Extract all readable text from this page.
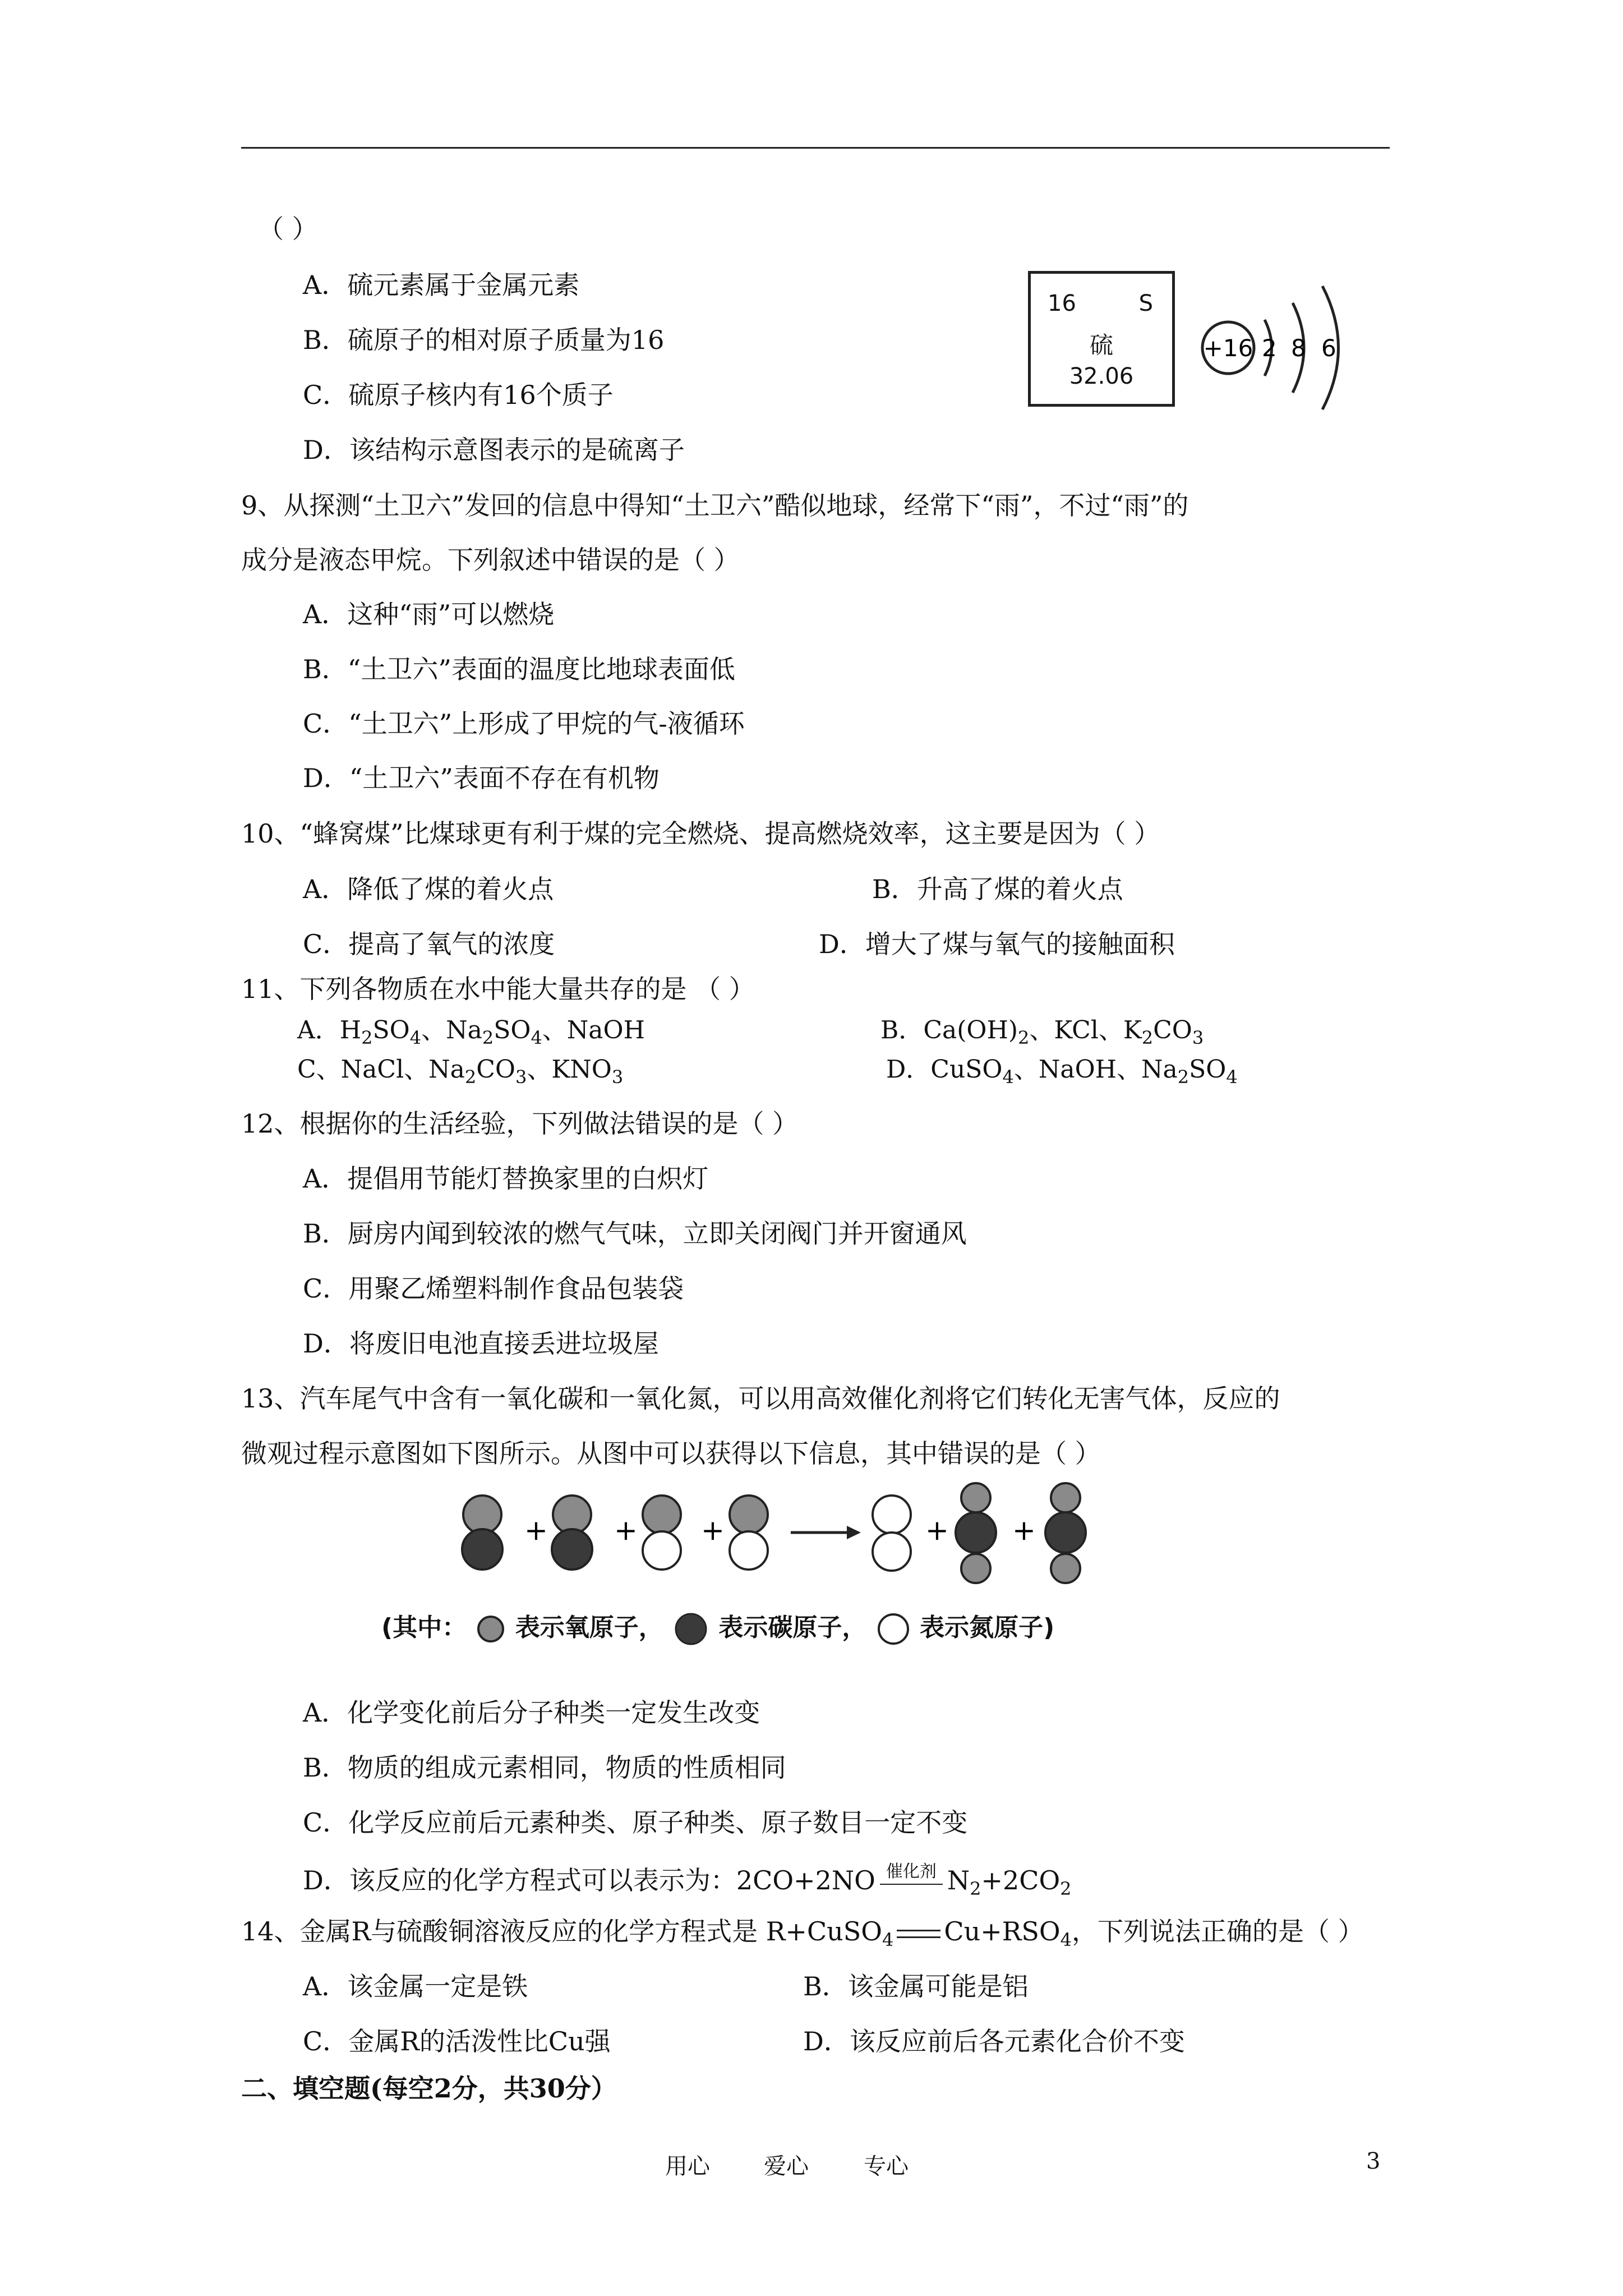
（ ）
A．硫元素属于金属元素
B．硫原子的相对原子质量为16
C．硫原子核内有16个质子
D．该结构示意图表示的是硫离子
16	S
硫
32.06
+16 2 8 6
9、从探测“土卫六”发回的信息中得知“土卫六”酷似地球，经常下“雨”，不过“雨”的
成分是液态甲烷。下列叙述中错误的是（ ）
A．这种“雨”可以燃烧
B．“土卫六”表面的温度比地球表面低
C．“土卫六”上形成了甲烷的气-液循环
D．“土卫六”表面不存在有机物
10、“蜂窝煤”比煤球更有利于煤的完全燃烧、提高燃烧效率，这主要是因为（ ）
A．降低了煤的着火点	B．升高了煤的着火点
C．提高了氧气的浓度	D．增大了煤与氧气的接触面积
11、下列各物质在水中能大量共存的是 （ ）
A．$H_2SO_4$、$Na_2SO_4$、NaOH	B．$Ca(OH)_2$、KCl、$K_2CO_3$
C、NaCl、$Na_2CO_3$、$KNO_3$	D．CuSO$_4$、NaOH、$Na_2SO_4$
12、根据你的生活经验，下列做法错误的是（ ）
A．提倡用节能灯替换家里的白炽灯
B．厨房内闻到较浓的燃气气味，立即关闭阀门并开窗通风
C．用聚乙烯塑料制作食品包装袋
D．将废旧电池直接丢进垃圾屋
13、汽车尾气中含有一氧化碳和一氧化氮，可以用高效催化剂将它们转化无害气体，反应的
微观过程示意图如下图所示。从图中可以获得以下信息，其中错误的是（ ）
+ + +	+ +
(其中： 表示氧原子， 表示碳原子， 表示氮原子)
A．化学变化前后分子种类一定发生改变
B．物质的组成元素相同，物质的性质相同
C．化学反应前后元素种类、原子种类、原子数目一定不变
D．该反应的化学方程式可以表示为：2CO+2NO 催化剂 $N_2+2CO_2$
14、金属R与硫酸铜溶液反应的化学方程式是 R+CuSO$_4$ $Cu+RSO_4$，下列说法正确的是（ ）
A．该金属一定是铁	B．该金属可能是铝
C．金属R的活泼性比Cu强	D．该反应前后各元素化合价不变
二、填空题(每空2分，共30分）
用心 爱心 专心	3
